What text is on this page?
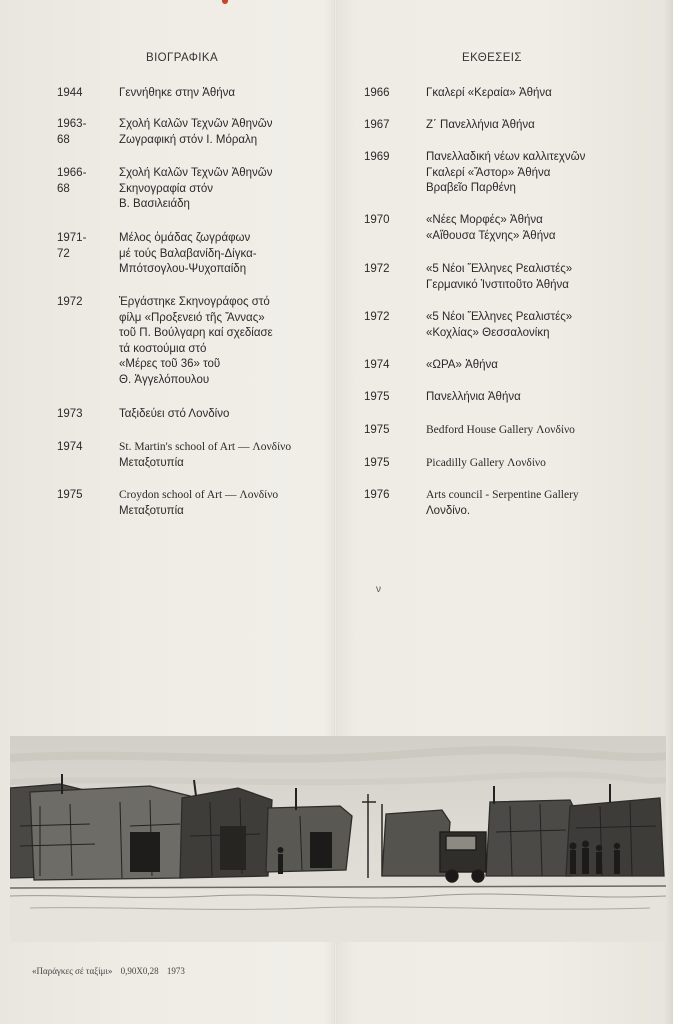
ΒΙΟΓΡΑΦΙΚΑ
1944	Γεννήθηκε στην Ἀθήνα
1963-68
Σχολή Καλῶν Τεχνῶν Ἀθηνῶν
Ζωγραφική στόν Ι. Μόραλη
1966-68
Σχολή Καλῶν Τεχνῶν Ἀθηνῶν
Σκηνογραφία στόν
Β. Βασιλειάδη
1971-72
Μέλος ὁμάδας ζωγράφων
μέ τούς Βαλαβανίδη-Δίγκα-
Μπότσογλου-Ψυχοπαίδη
1972	Ἐργάστηκε Σκηνογράφος στό
φίλμ «Προξενειό τῆς Ἄννας»
τοῦ Π. Βούλγαρη καί σχεδίασε
τά κοστούμια στό
«Μέρες τοῦ 36» τοῦ
Θ. Ἀγγελόπουλου
1973	Ταξιδεύει στό Λονδίνο
1974	St. Martin's school of Art — Λονδίνο
Μεταξοτυπία
1975	Croydon school of Art — Λονδίνο
Μεταξοτυπία
ΕΚΘΕΣΕΙΣ
1966	Γκαλερί «Κεραία» Ἀθήνα
1967	Ζ΄ Πανελλήνια Ἀθήνα
1969	Πανελλαδική νέων καλλιτεχνῶν
Γκαλερί «Ἄστορ» Ἀθήνα
Βραβεῖο Παρθένη
1970	«Νέες Μορφές» Ἀθήνα
«Αἴθουσα Τέχνης» Ἀθήνα
1972	«5 Νέοι Ἕλληνες Ρεαλιστές»
Γερμανικό Ἰνστιτοῦτο Ἀθήνα
1972	«5 Νέοι Ἕλληνες Ρεαλιστές»
«Κοχλίας» Θεσσαλονίκη
1974	«ΩΡΑ» Ἀθήνα
1975	Πανελλήνια Ἀθήνα
1975	Bedford House Gallery Λονδίνο
1975	Picadilly Gallery Λονδίνο
1976	Arts council - Serpentine Gallery
Λονδίνο.
ν
«Παράγκες σέ ταξίμι» 0,90Χ0,28 1973
